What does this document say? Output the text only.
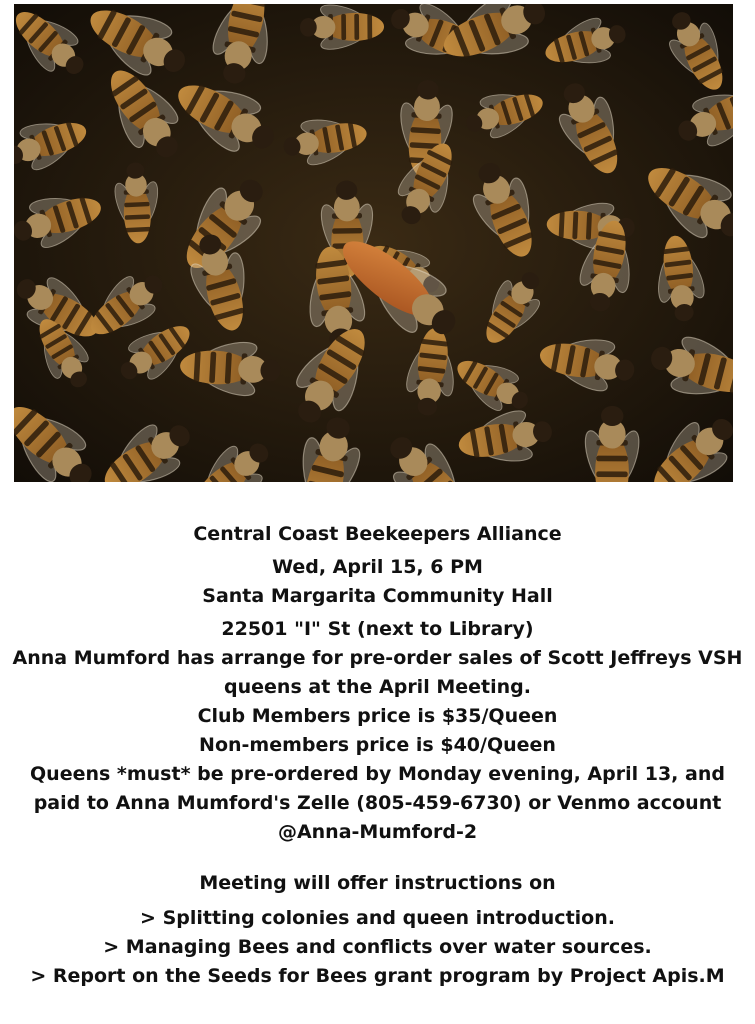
Central Coast Beekeepers Alliance
Wed, April 15, 6 PM
Santa Margarita Community Hall
22501 "I" St (next to Library)
Anna Mumford has arrange for pre-order sales of Scott Jeffreys VSH
queens at the April Meeting.
Club Members price is $35/Queen
Non-members price is $40/Queen
Queens *must* be pre-ordered by Monday evening, April 13, and
paid to Anna Mumford's Zelle (805-459-6730) or Venmo account
@Anna-Mumford-2
Meeting will offer instructions on
> Splitting colonies and queen introduction.
> Managing Bees and conflicts over water sources.
> Report on the Seeds for Bees grant program by Project Apis.M
